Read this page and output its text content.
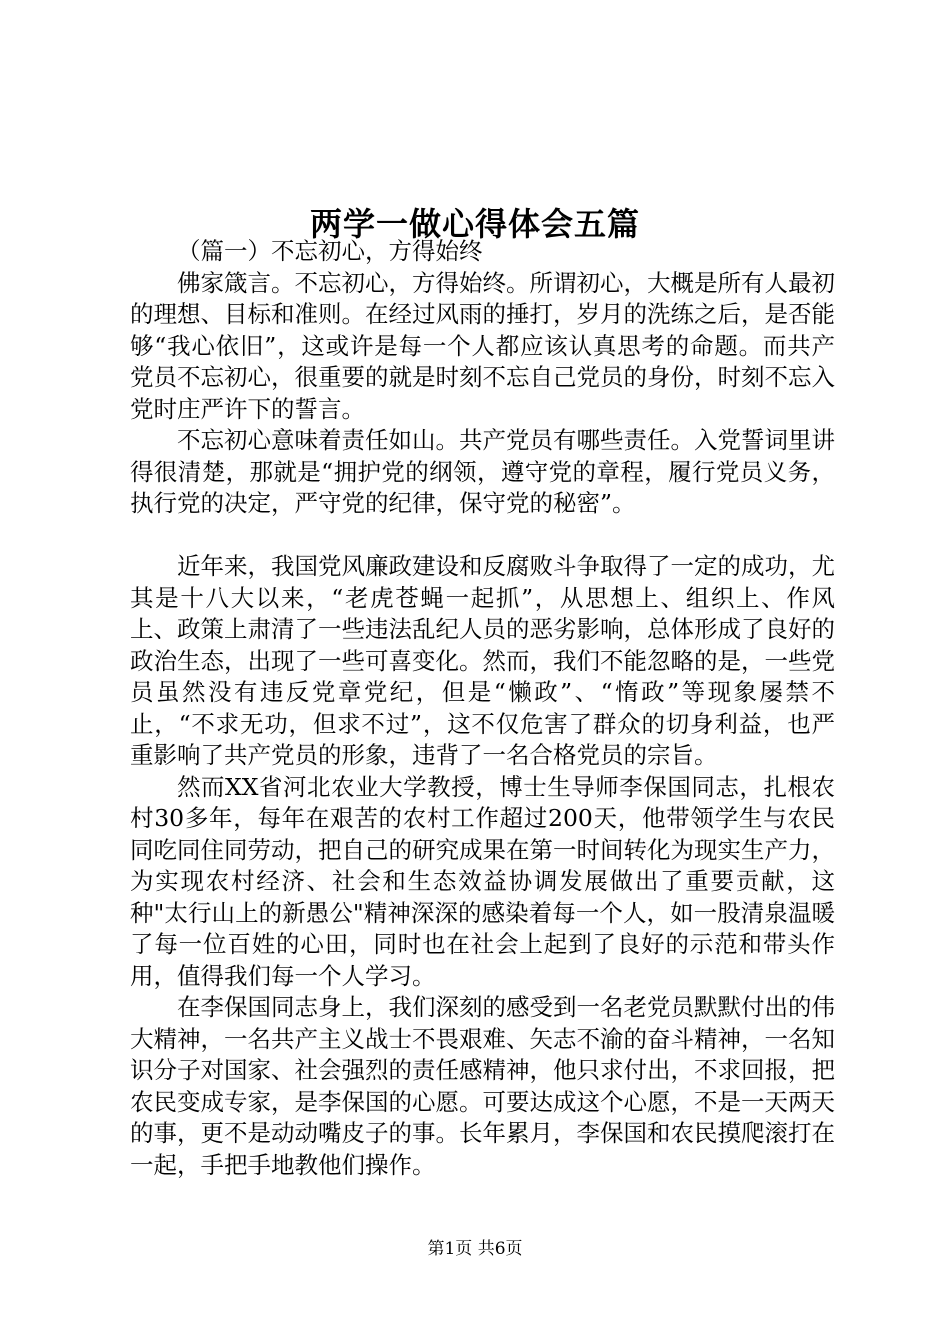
两学一做心得体会五篇

（篇一）不忘初心，方得始终

佛家箴言。不忘初心，方得始终。所谓初心，大概是所有人最初的理想、目标和准则。在经过风雨的捶打，岁月的洗练之后，是否能够“我心依旧”，这或许是每一个人都应该认真思考的命题。而共产党员不忘初心，很重要的就是时刻不忘自己党员的身份，时刻不忘入党时庄严许下的誓言。

不忘初心意味着责任如山。共产党员有哪些责任。入党誓词里讲得很清楚，那就是“拥护党的纲领，遵守党的章程，履行党员义务，执行党的决定，严守党的纪律，保守党的秘密”。

近年来，我国党风廉政建设和反腐败斗争取得了一定的成功，尤其是十八大以来，“老虎苍蝇一起抓”，从思想上、组织上、作风上、政策上肃清了一些违法乱纪人员的恶劣影响，总体形成了良好的政治生态，出现了一些可喜变化。然而，我们不能忽略的是，一些党员虽然没有违反党章党纪，但是“懒政”、“惰政”等现象屡禁不止，“不求无功，但求不过”，这不仅危害了群众的切身利益，也严重影响了共产党员的形象，违背了一名合格党员的宗旨。

然而XX省河北农业大学教授，博士生导师李保国同志，扎根农村30多年，每年在艰苦的农村工作超过200天，他带领学生与农民同吃同住同劳动，把自己的研究成果在第一时间转化为现实生产力，为实现农村经济、社会和生态效益协调发展做出了重要贡献，这种"太行山上的新愚公"精神深深的感染着每一个人，如一股清泉温暖了每一位百姓的心田，同时也在社会上起到了良好的示范和带头作用，值得我们每一个人学习。

在李保国同志身上，我们深刻的感受到一名老党员默默付出的伟大精神，一名共产主义战士不畏艰难、矢志不渝的奋斗精神，一名知识分子对国家、社会强烈的责任感精神，他只求付出，不求回报，把农民变成专家，是李保国的心愿。可要达成这个心愿，不是一天两天的事，更不是动动嘴皮子的事。长年累月，李保国和农民摸爬滚打在一起，手把手地教他们操作。

第1页 共6页
